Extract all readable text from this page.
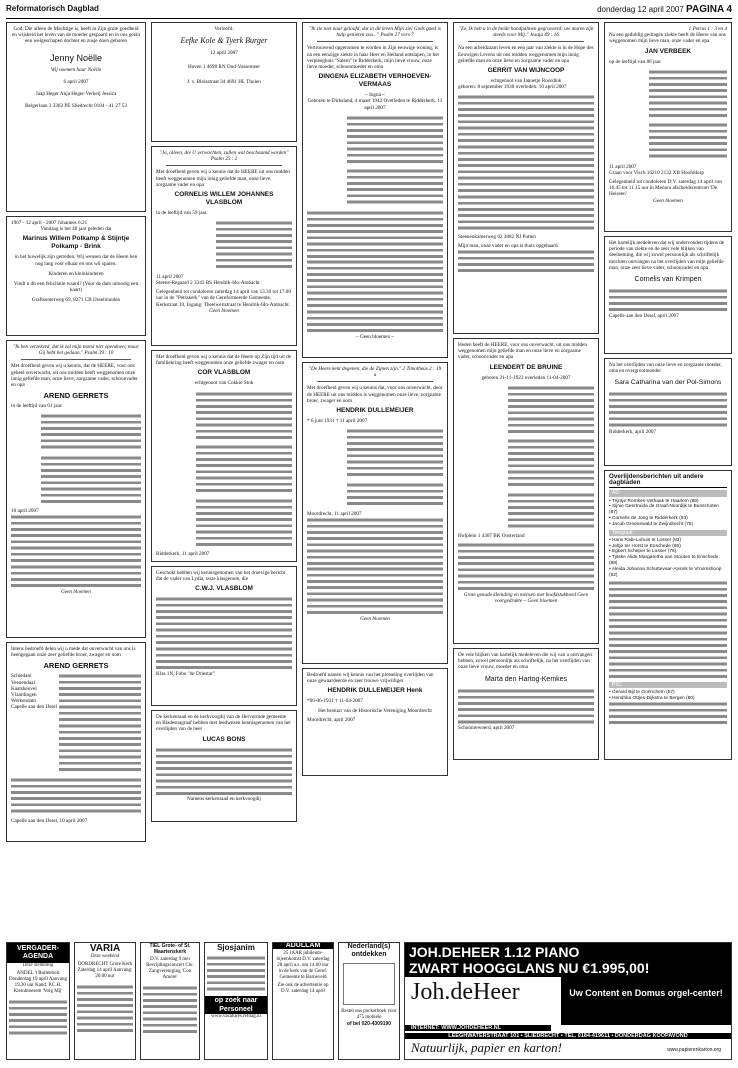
Reformatorisch Dagblad	donderdag 12 april 2007 PAGINA 4
God, Die alleen de Machtige is, heeft in Zijn grote goedheid en wijsheid het leven van de moeder gespaard en in ons gezin een welgeschapen dochter en zusje doen geboren
Jenny Noëlle
Wij noemen haar Noëlle
6 april 2007
Jaap Heger Anja Heger-Verheij Jessica
Beigerlaan 3 3362 PE Sliedrecht 0184 - 41 27 53
1967 - 12 april - 2007 Johannes 6:21
Vandaag is het 40 jaar geleden dat
Marinus Willem Polkamp & Stijntje Polkamp - Brink
in het huwelijk zijn getreden. Wij wensen dat de Heere hen nog lang voor elkaar en ons wil sparen.
Kinderen en kleinkinderen
Vindt u dit een felicitatie waard? (Voor de dam uitnodig een kaart)
Graftsonterweg 69, 8271 CB IJsselmuiden
"Ik ben verzekerd, dat ik zal mijn mond niet opendoen; maar Gij hebt het gedaan." Psalm 39 : 10
Met droefheid geven wij u kennis, dat de HEERE, voor ons geheel onverwacht, uit ons midden heeft weggenomen onze innig geliefde man, onze lieve, zorgzame vader, schoonvader en opa
AREND GERRETS
in de leeftijd van 61 jaar.
10 april 2007
Geen bloemen
Intens bedroefd delen wij u mede dat onverwacht van ons is heengegaan onze zeer geliefde broer, zwager en oom
AREND GERRETS
Schiedam
Veenendaal
Kaatsheuvel
Vlaardingen
Werkendam
Capelle aan den IJssel
Capelle aan den IJssel, 10 april 2007
Verloofd:
Eefke Kole & Tyerk Burger
12 april 2007
Haven 1 4698 RN Oud-Vossemeer
J. v. Bloisstraat 34 4691 HL Tholen
"Ja, alleen, die U verwachten, zullen wat beschaamd worden" Psalm 25 : 2
Met droefheid geven wij u kennis dat de HEERE uit ons midden heeft weggenomen mijn innig geliefde man, onze lieve, zorgzame vader en opa
CORNELIS WILLEM JOHANNES VLASBLOM
in de leeftijd van 59 jaar.
11 april 2007
Steene-Regaard 2 3343 BS Hendrik-Ido-Ambacht
Gelegenheid tot condoleren zaterdag 14 april van 13.30 tot 17.00 uur in de "Petrakerk" van de Gereformeerde Gemeente, Kerkstraat 10, Ingang: Theelwertstraat te Hendrik-Ido-Ambacht.
Geen bloemen
Met droefheid geven wij u kennis dat de Heere op Zijn tijd uit de familiekring heeft weggenomen onze geliefde zwager en oom
COR VLASBLOM
echtgenoot van Cokkie Stok
Ridderkerk, 11 april 2007
Geschokt hebben wij kennisgenomen van het droevige bericht dat de vader van Lydia, onze klasgenote, die
C.W.J. VLASBLOM
Klas 1N, Fobo "de Driestar"
De kerkenraad en de kerkvoogdij van de Hervormde gemeente en Bladesnagraaf hebben met leedwezen kennisgenomen van het overlijden van de heer
LUCAS BONS
Namens kerkenraad en kerkvoogdij
"Ik zie niet naar geloofd, dat in dit leven Mijn ziel Gods goed is hulp genieten zou..." Psalm 27 vers 7
Vertrouwend opgenomen te worden in Zijn eeuwige woning, is na een eenzijge ziekte in haar Heer en Heiland ontslapen, in het verpleeghuis "Salem" te Ridderkerk, mijn lieve vrouw, onze lieve moeder, schoonmoeder en oma
DINGENA ELIZABETH VERHOEVEN-VERMAAS
~ Ingna ~
Geboren te Dirksland, 4 maart 1942 Overleden te Ridderkerk, 11 april 2007
~ Geen bloemen ~
"De Heere kent degenen, die de Zijnen zijn." 2 Timotheüs 2 : 19 a
Met droefheid geven wij u kennis dat, voor ons onverwacht, door de HEERE uit ons midden is weggenomen onze lieve, zorgzame broer, zwager en oom
HENDRIK DULLEMEIJER
* 6 juni 1931 † 11 april 2007
Moordrecht, 11 april 2007
Geen bloemen
Bedroefd namen wij kennis van het plotseling overlijden van onze gewaardeerde en zeer trouwe vrijwilliger
HENDRIK DULLEMEIJER Henk
*06-06-1931 † 11-04-2007
Het bestuur van de Historische Vereniging Moordrecht
Moordrecht, april 2007
"Zo, Ik heb u in de beide handpalmen gegraveerd; uw muren zijn steeds voor Mij." Jesaja 49 : 16
Na een arbeidzaam leven en een jaar van ziekte is in de Hope des Eeuwigen Levens uit ons midden weggenomen mijn innig geliefde man en onze lieve en zorgzame vader en opa
GERRIT VAN WIJNCOOP
echtgenoot van Jannetje Roordink
geboren: 8 september 1930 overleden: 10 april 2007
Steenenkamerweg 62 3882 NJ Putten
Mijn man, onze vader en opa is thuis opgebaard.
Heden heeft de HEERE, voor ons onverwacht, uit ons midden weggenomen mijn geliefde man en onze lieve en zorgzame vader, schoonvader en opa
LEENDERT DE BRUINE
geboren 21-11-1923 overleden 11-04-2007
Hofplein 1 4307 BK Oosterland
Grote genade kleinding en mensen met hoofdstukhoed Geen voorgedrukte ~ Geen bloemen
De vele blijken van hartelijk medeleven die wij van u ontvangen hebben, zowel persoonlijk als schriftelijk, na het overlijden van onze lieve vrouw, moeder en oma
Marta den Hartog-Kemkes
Schoonrewoerd, april 2007
1 Petrus 1 : 3 en 4
Na een geduldig gedragen ziekte heeft de Heere van ons weggenomen mijn lieve man, onze vader en opa
JAN VERBEEK
op de leeftijd van 86 jaar.
11 april 2007
Graan voor Visch 16210 2132 XB Hoofddorp
Gelegenheid tot condoleren D.V. zaterdag 14 april van 16.45 tot 11.15 uur in Menora afscheidscentrum 'De Heiseen'
Geen bloemen
Het hartelijk medeleven dat wij ondervonden tijdens de periode van ziekte en de zeer vele blijken van deelneming, die wij zowel persoonlijk als schriftelijk mochten ontvangen na het overlijden van mijn geliefde man, onze zeer lieve vader, schoonvader en opa
Cornelis van Krimpen
Capelle aan den IJssel, april 2007
Na het overlijden van onze lieve en zorgzame moeder, oma en overgrootmoeder
Sara Catharina van der Pol-Simons
Ridderkerk, april 2007
Overlijdensberichten uit andere dagbladen
AD
• Trijntje Romkes-Vethaak te Haarlem (88)
• Sijnie Geertruida de Graaf-Noordijk te Bunschoten (87)
• Cornelis de Jong te Ridderkerk (93)
• Jacob Groenewald te Zwijndrecht (75)
Telegraaf
• Hans Rabi-Lohuis te Losser (83)
• Jeltje ter Horst te Enschede (86)
• Egbert Scheper te Losser (76)
• Tjitske Alide Margaretha van Stouten te Enschede (89)
• Aleida Johanna Schuttevaar-Ansink te Vroomshoop (82)
PZC
• Gerard Bijl te Gorinchem (57)
• Hendrika Ottjes-Dijkstra te Bergen (80)
VERGADER-AGENDA
Deze stemming
ANDEL 't Ruitenbolt Donderdag 19 april Aanvang 19.30 uur Kand. P.C.H. Kleinbloesem 'Volg Mij'
VARIA
Deze weekend
DORDRECHT Grote Kerk Zaterdag 14 april Aanvang: 20.00 uur
TIEL Grote- of St. Maartenskerk
D.V. zaterdag 9 mei Bevrijdingsconcert Chr. Zangvereniging 'Con Amore'
Sjosjanim
op zoek naar Personeel
www.vacatures.refdag.nl
ADULLAM
25 JAAR jubileum-bijeenkomst D.V. zaterdag 28 april a.s. om 14.00 uur in de kerk van de Geref. Gemeente te Barneveld
Zie ook de advertentie op D.V. zaterdag 14 april
Nederland(s) ontdekken
Bestel ons pocketboek voor 475 mobiele
of bel 020-4309190
JOH.DEHEER 1.12 PIANO
ZWART HOOGGLANS NU €1.995,00!
Joh.deHeer	Uw Content en Domus orgel-center!
INTERNET: WWW.JOHDEHEER.NL
LEEGHWATERSTRAAT 101 • SLIEDRECHT • TEL. 0184-419611 • DONDERDAG KOOPAVOND
Natuurlijk, papier en karton!	www.papierenkarton.org
